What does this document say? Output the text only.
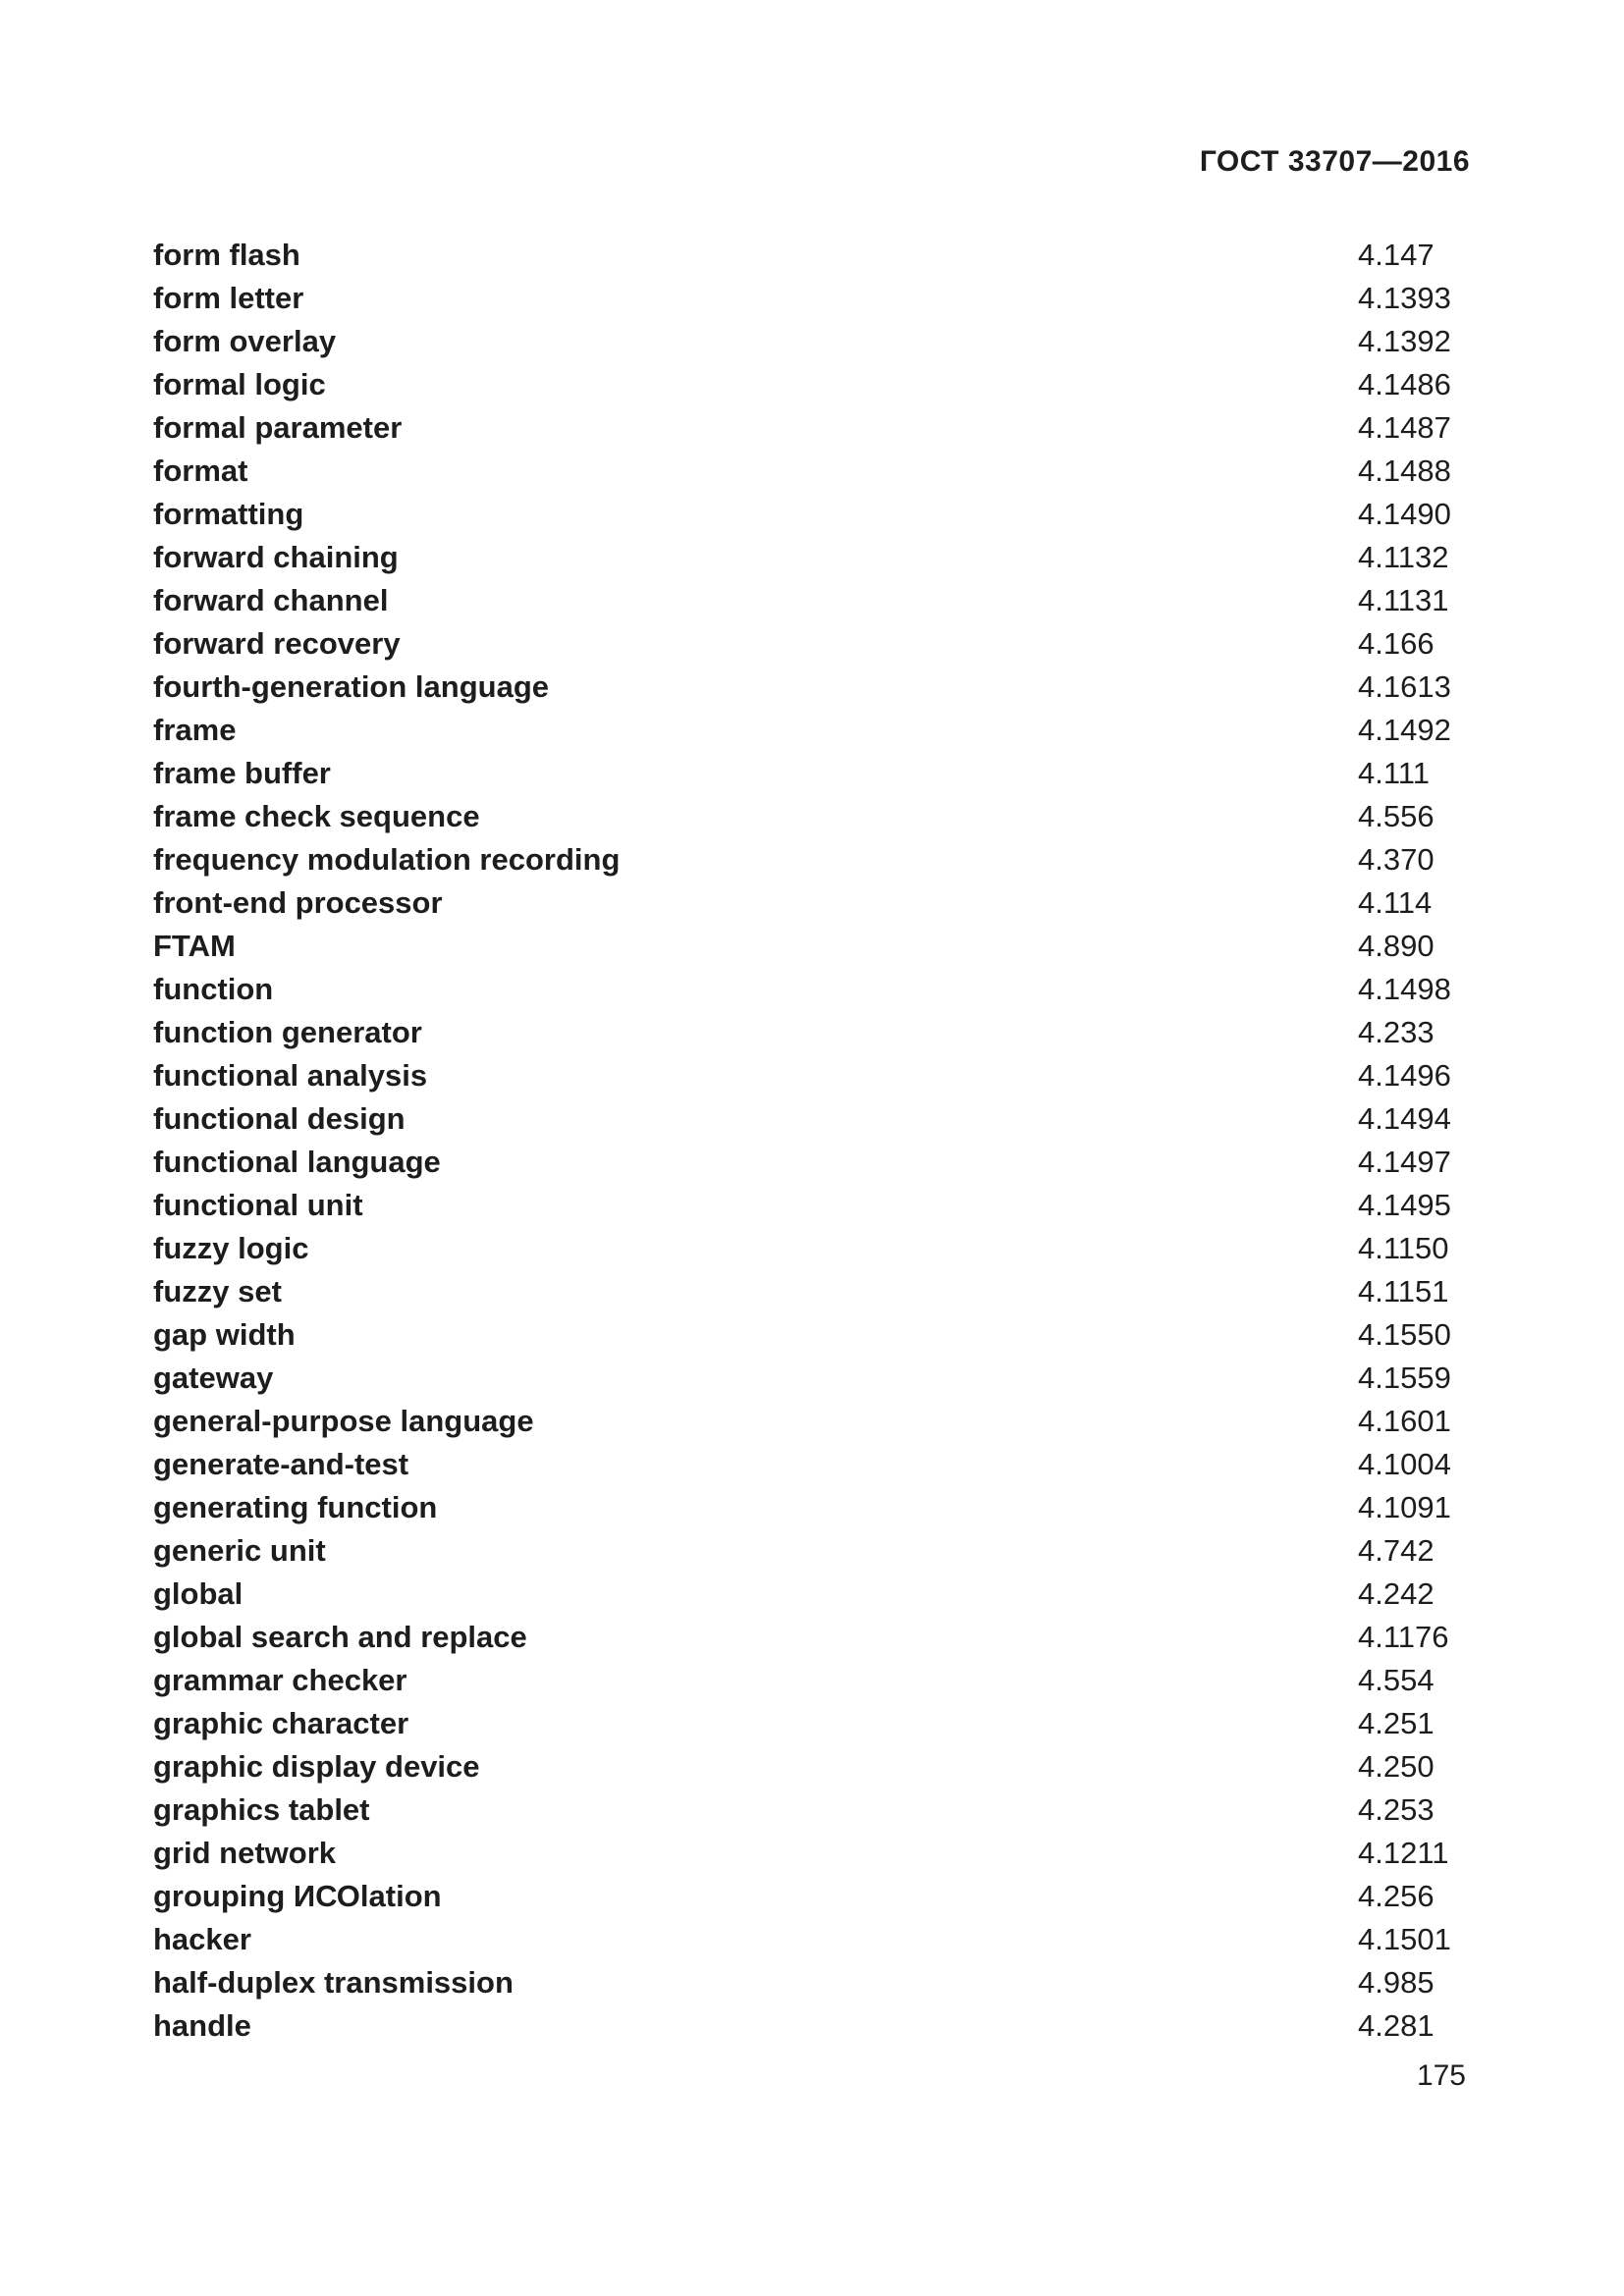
ГОСТ 33707—2016
form flash	4.147
form letter	4.1393
form overlay	4.1392
formal logic	4.1486
formal parameter	4.1487
format	4.1488
formatting	4.1490
forward chaining	4.1132
forward channel	4.1131
forward recovery	4.166
fourth-generation language	4.1613
frame	4.1492
frame buffer	4.111
frame check sequence	4.556
frequency modulation recording	4.370
front-end processor	4.114
FTAM	4.890
function	4.1498
function generator	4.233
functional analysis	4.1496
functional design	4.1494
functional language	4.1497
functional unit	4.1495
fuzzy logic	4.1150
fuzzy set	4.1151
gap width	4.1550
gateway	4.1559
general-purpose language	4.1601
generate-and-test	4.1004
generating function	4.1091
generic unit	4.742
global	4.242
global search and replace	4.1176
grammar checker	4.554
graphic character	4.251
graphic display device	4.250
graphics tablet	4.253
grid network	4.1211
grouping ИСОlation	4.256
hacker	4.1501
half-duplex transmission	4.985
handle	4.281
175
